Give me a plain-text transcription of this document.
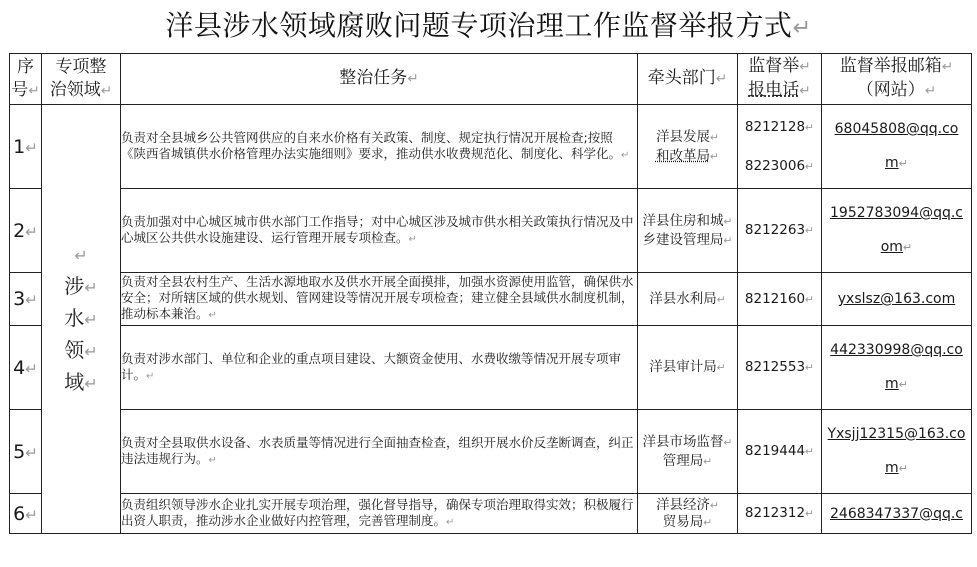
洋县涉水领域腐败问题专项治理工作监督举报方式↵
序
号↵	专项整
治领域↵	整治任务↵	牵头部门↵	监督举↵
报电话↵	监督举报邮箱↵
（网站）↵
1↵	↵
涉↵
水↵
领↵
域↵	负责对全县城乡公共管网供应的自来水价格有关政策、制度、规定执行情况开展检查;按照《陕西省城镇供水价格管理办法实施细则》要求，推动供水收费规范化、制度化、科学化。↵	洋县发展↵
和改革局↵	8212128↵
8223006↵	68045808@qq.co
m↵
2↵		负责加强对中心城区城市供水部门工作指导；对中心城区涉及城市供水相关政策执行情况及中心城区公共供水设施建设、运行管理开展专项检查。↵	洋县住房和城↵
乡建设管理局↵	8212263↵	1952783094@qq.c
om↵
3↵		负责对全县农村生产、生活水源地取水及供水开展全面摸排，加强水资源使用监管，确保供水安全；对所辖区域的供水规划、管网建设等情况开展专项检查；建立健全县域供水制度机制，推动标本兼治。↵	洋县水利局↵	8212160↵	yxslsz@163.com
4↵		负责对涉水部门、单位和企业的重点项目建设、大额资金使用、水费收缴等情况开展专项审计。↵	洋县审计局↵	8212553↵	442330998@qq.co
m↵
5↵		负责对全县取供水设备、水表质量等情况进行全面抽查检查，组织开展水价反垄断调查，纠正违法违规行为。↵	洋县市场监督↵
管理局↵	8219444↵	Yxsjj12315@163.co
m↵
6↵		负责组织领导涉水企业扎实开展专项治理，强化督导指导，确保专项治理取得实效；积极履行出资人职责，推动涉水企业做好内控管理，完善管理制度。↵	洋县经济↵
贸易局↵	8212312↵	2468347337@qq.c
